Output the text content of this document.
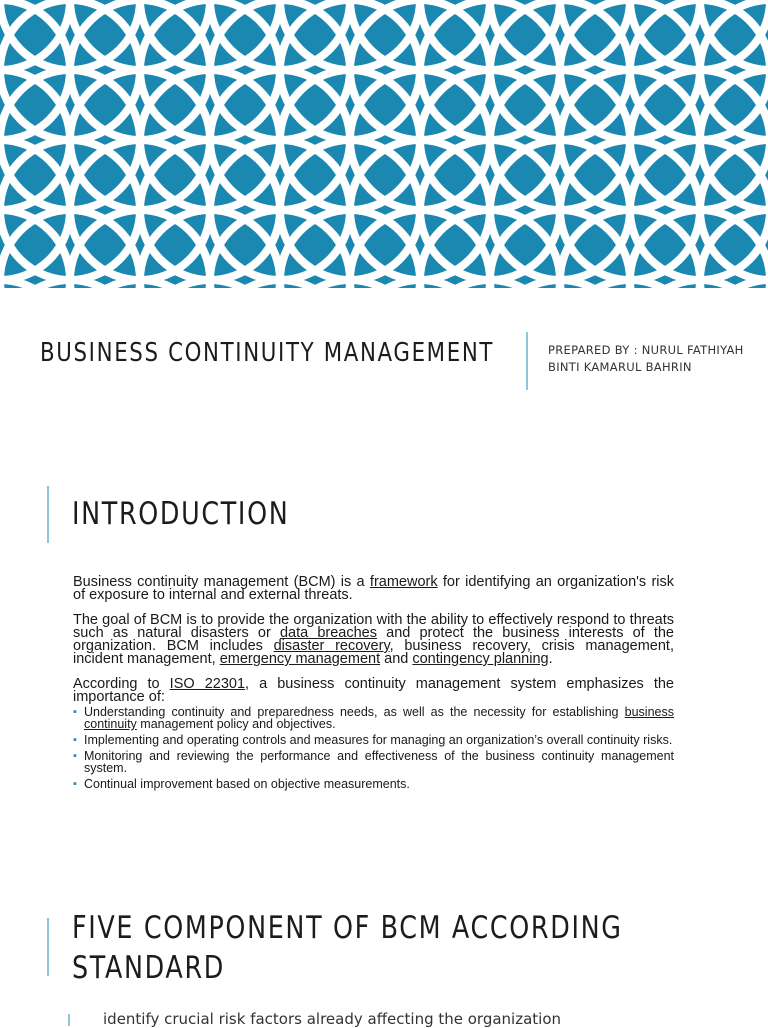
BUSINESS CONTINUITY MANAGEMENT	PREPARED BY : NURUL FATHIYAH
BINTI KAMARUL BAHRIN
INTRODUCTION

Business continuity management (BCM) is a framework for identifying an organization's risk of exposure to internal and external threats.

The goal of BCM is to provide the organization with the ability to effectively respond to threats such as natural disasters or data breaches and protect the business interests of the organization. BCM includes disaster recovery, business recovery, crisis management, incident management, emergency management and contingency planning.

According to ISO 22301, a business continuity management system emphasizes the importance of:

▪ Understanding continuity and preparedness needs, as well as the necessity for establishing business continuity management policy and objectives.
▪ Implementing and operating controls and measures for managing an organization’s overall continuity risks.
▪ Monitoring and reviewing the performance and effectiveness of the business continuity management system.
▪ Continual improvement based on objective measurements.
FIVE COMPONENT OF BCM ACCORDING
STANDARD
identify crucial risk factors already affecting the organization
